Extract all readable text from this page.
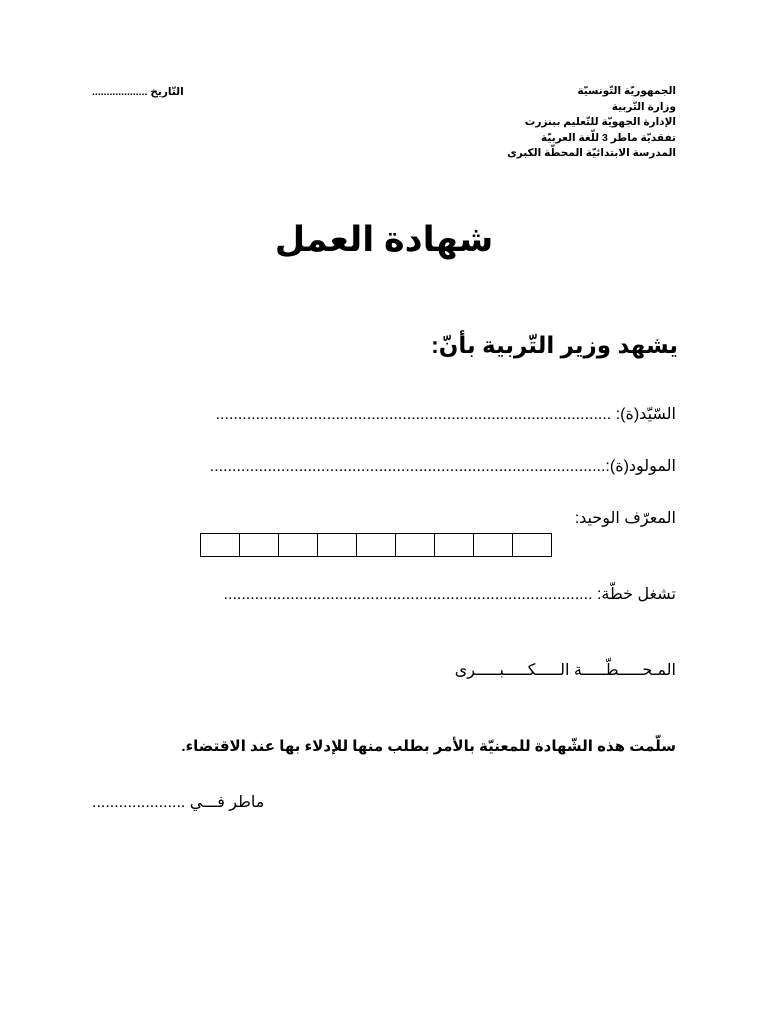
الجمهوريّة التّونسيّة
وزارة التّربية
الإدارة الجهويّة للتّعليم ببنزرت
تفقديّة ماطر 3 للّغة العربيّة
المدرسة الابتدائيّة المحطّة الكبرى
التّاريخ ...................
شهادة العمل
يشهد وزير التّربية بأنّ:
السّيّد(ة): .........................................................................................
المولود(ة):.........................................................................................
المعرّف الوحيد:
تشغل خطّة: ...................................................................................
المـحـــــطّـــــة الـــــكـــــبـــــرى
سلّمت هذه الشّهادة للمعنيّة بالأمر بطلب منها للإدلاء بها عند الاقتضاء.
ماطر فـــي .....................
